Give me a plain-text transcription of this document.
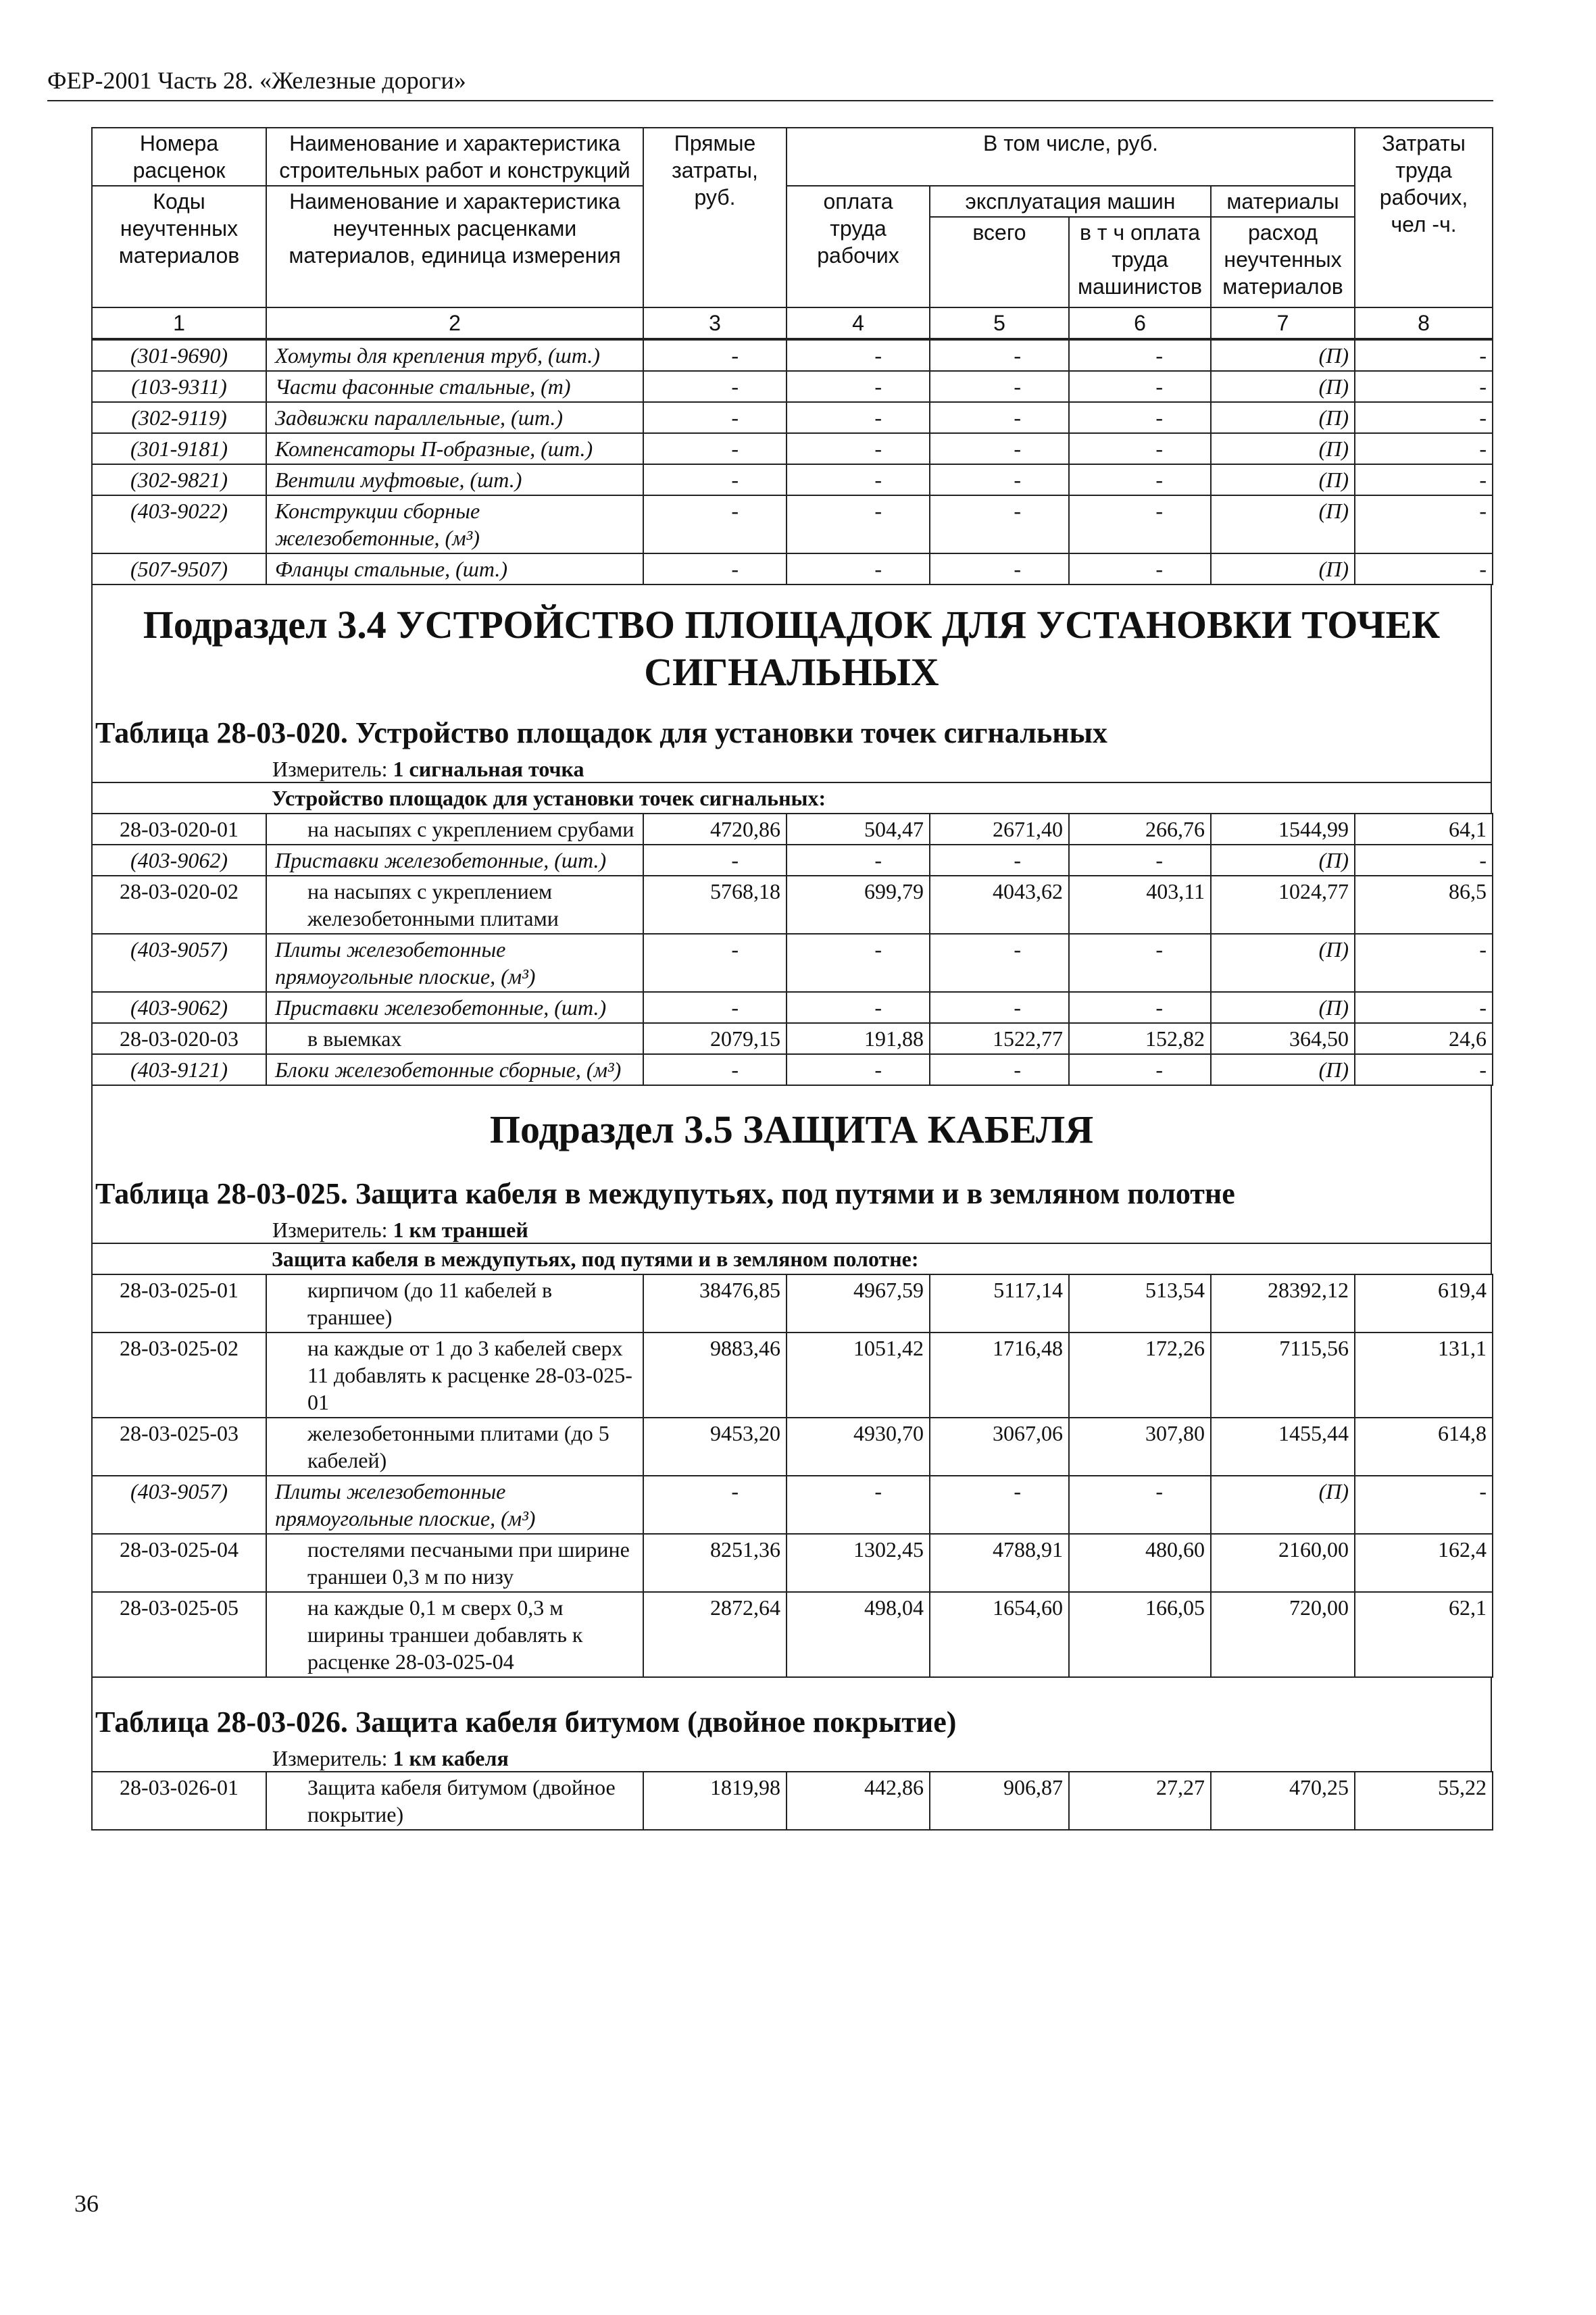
ФЕР-2001 Часть 28. «Железные дороги»
Номера расценок	Наименование и характеристика строительных работ и конструкций	Прямые затраты, руб.	В том числе, руб.				Затраты труда рабочих, чел -ч.
Коды неучтенных материалов	Наименование и характеристика неучтенных расценками материалов, единица измерения		оплата труда рабочих	эксплуатация машин		материалы	
				всего	в т ч оплата труда машинистов	расход неучтенных материалов	
1	2	3	4	5	6	7	8
(301-9690)	Хомуты для крепления труб, (шт.)	-	-	-	-	(П)	-
(103-9311)	Части фасонные стальные, (т)	-	-	-	-	(П)	-
(302-9119)	Задвижки параллельные, (шт.)	-	-	-	-	(П)	-
(301-9181)	Компенсаторы П-образные, (шт.)	-	-	-	-	(П)	-
(302-9821)	Вентили муфтовые, (шт.)	-	-	-	-	(П)	-
(403-9022)	Конструкции сборные железобетонные, (м³)	-	-	-	-	(П)	-
(507-9507)	Фланцы стальные, (шт.)	-	-	-	-	(П)	-
Подраздел 3.4 УСТРОЙСТВО ПЛОЩАДОК ДЛЯ УСТАНОВКИ ТОЧЕК СИГНАЛЬНЫХ
Таблица 28-03-020. Устройство площадок для установки точек сигнальных
Измеритель: 1 сигнальная точка
	Устройство площадок для установки точек сигнальных:
28-03-020-01	на насыпях с укреплением срубами	4720,86	504,47	2671,40	266,76	1544,99	64,1
(403-9062)	Приставки железобетонные, (шт.)	-	-	-	-	(П)	-
28-03-020-02	на насыпях с укреплением железобетонными плитами	5768,18	699,79	4043,62	403,11	1024,77	86,5
(403-9057)	Плиты железобетонные прямоугольные плоские, (м³)	-	-	-	-	(П)	-
(403-9062)	Приставки железобетонные, (шт.)	-	-	-	-	(П)	-
28-03-020-03	в выемках	2079,15	191,88	1522,77	152,82	364,50	24,6
(403-9121)	Блоки железобетонные сборные, (м³)	-	-	-	-	(П)	-
Подраздел 3.5 ЗАЩИТА КАБЕЛЯ
Таблица 28-03-025. Защита кабеля в междупутьях, под путями и в земляном полотне
Измеритель: 1 км траншей
	Защита кабеля в междупутьях, под путями и в земляном полотне:
28-03-025-01	кирпичом (до 11 кабелей в траншее)	38476,85	4967,59	5117,14	513,54	28392,12	619,4
28-03-025-02	на каждые от 1 до 3 кабелей сверх 11 добавлять к расценке 28-03-025-01	9883,46	1051,42	1716,48	172,26	7115,56	131,1
28-03-025-03	железобетонными плитами (до 5 кабелей)	9453,20	4930,70	3067,06	307,80	1455,44	614,8
(403-9057)	Плиты железобетонные прямоугольные плоские, (м³)	-	-	-	-	(П)	-
28-03-025-04	постелями песчаными при ширине траншеи 0,3 м по низу	8251,36	1302,45	4788,91	480,60	2160,00	162,4
28-03-025-05	на каждые 0,1 м сверх 0,3 м ширины траншеи добавлять к расценке 28-03-025-04	2872,64	498,04	1654,60	166,05	720,00	62,1
Таблица 28-03-026. Защита кабеля битумом (двойное покрытие)
Измеритель: 1 км кабеля
28-03-026-01	Защита кабеля битумом (двойное покрытие)	1819,98	442,86	906,87	27,27	470,25	55,22
36
